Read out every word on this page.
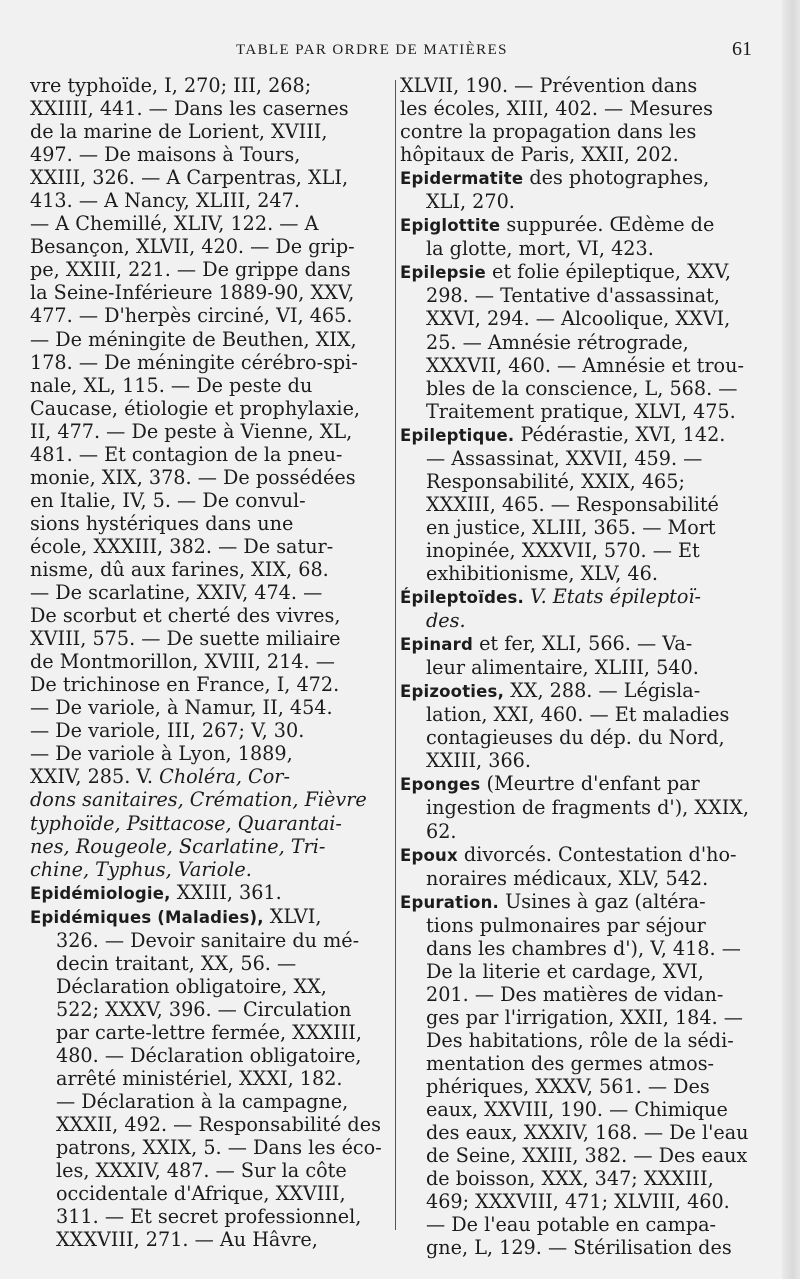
TABLE PAR ORDRE DE MATIÈRES	61
vre typhoïde, I, 270; III, 268;
XXIIII, 441. — Dans les casernes
de la marine de Lorient, XVIII,
497. — De maisons à Tours,
XXIII, 326. — A Carpentras, XLI,
413. — A Nancy, XLIII, 247.
— A Chemillé, XLIV, 122. — A
Besançon, XLVII, 420. — De grip-
pe, XXIII, 221. — De grippe dans
la Seine-Inférieure 1889-90, XXV,
477. — D'herpès circiné, VI, 465.
— De méningite de Beuthen, XIX,
178. — De méningite cérébro-spi-
nale, XL, 115. — De peste du
Caucase, étiologie et prophylaxie,
II, 477. — De peste à Vienne, XL,
481. — Et contagion de la pneu-
monie, XIX, 378. — De possédées
en Italie, IV, 5. — De convul-
sions hystériques dans une
école, XXXIII, 382. — De satur-
nisme, dû aux farines, XIX, 68.
— De scarlatine, XXIV, 474. —
De scorbut et cherté des vivres,
XVIII, 575. — De suette miliaire
de Montmorillon, XVIII, 214. —
De trichinose en France, I, 472.
— De variole, à Namur, II, 454.
— De variole, III, 267; V, 30.
— De variole à Lyon, 1889,
XXIV, 285. V. Choléra, Cor-
dons sanitaires, Crémation, Fièvre
typhoïde, Psittacose, Quarantai-
nes, Rougeole, Scarlatine, Tri-
chine, Typhus, Variole.
Epidémiologie, XXIII, 361.
Epidémiques (Maladies), XLVI,
326. — Devoir sanitaire du mé-
decin traitant, XX, 56. —
Déclaration obligatoire, XX,
522; XXXV, 396. — Circulation
par carte-lettre fermée, XXXIII,
480. — Déclaration obligatoire,
arrêté ministériel, XXXI, 182.
— Déclaration à la campagne,
XXXII, 492. — Responsabilité des
patrons, XXIX, 5. — Dans les éco-
les, XXXIV, 487. — Sur la côte
occidentale d'Afrique, XXVIII,
311. — Et secret professionnel,
XXXVIII, 271. — Au Hâvre,
XLVII, 190. — Prévention dans
les écoles, XIII, 402. — Mesures
contre la propagation dans les
hôpitaux de Paris, XXII, 202.
Epidermatite des photographes,
XLI, 270.
Epiglottite suppurée. Œdème de
la glotte, mort, VI, 423.
Epilepsie et folie épileptique, XXV,
298. — Tentative d'assassinat,
XXVI, 294. — Alcoolique, XXVI,
25. — Amnésie rétrograde,
XXXVII, 460. — Amnésie et trou-
bles de la conscience, L, 568. —
Traitement pratique, XLVI, 475.
Epileptique. Pédérastie, XVI, 142.
— Assassinat, XXVII, 459. —
Responsabilité, XXIX, 465;
XXXIII, 465. — Responsabilité
en justice, XLIII, 365. — Mort
inopinée, XXXVII, 570. — Et
exhibitionisme, XLV, 46.
Épileptoïdes. V. Etats épileptoï-
des.
Epinard et fer, XLI, 566. — Va-
leur alimentaire, XLIII, 540.
Epizooties, XX, 288. — Législa-
lation, XXI, 460. — Et maladies
contagieuses du dép. du Nord,
XXIII, 366.
Eponges (Meurtre d'enfant par
ingestion de fragments d'), XXIX,
62.
Epoux divorcés. Contestation d'ho-
noraires médicaux, XLV, 542.
Epuration. Usines à gaz (altéra-
tions pulmonaires par séjour
dans les chambres d'), V, 418. —
De la literie et cardage, XVI,
201. — Des matières de vidan-
ges par l'irrigation, XXII, 184. —
Des habitations, rôle de la sédi-
mentation des germes atmos-
phériques, XXXV, 561. — Des
eaux, XXVIII, 190. — Chimique
des eaux, XXXIV, 168. — De l'eau
de Seine, XXIII, 382. — Des eaux
de boisson, XXX, 347; XXXIII,
469; XXXVIII, 471; XLVIII, 460.
— De l'eau potable en campa-
gne, L, 129. — Stérilisation des
